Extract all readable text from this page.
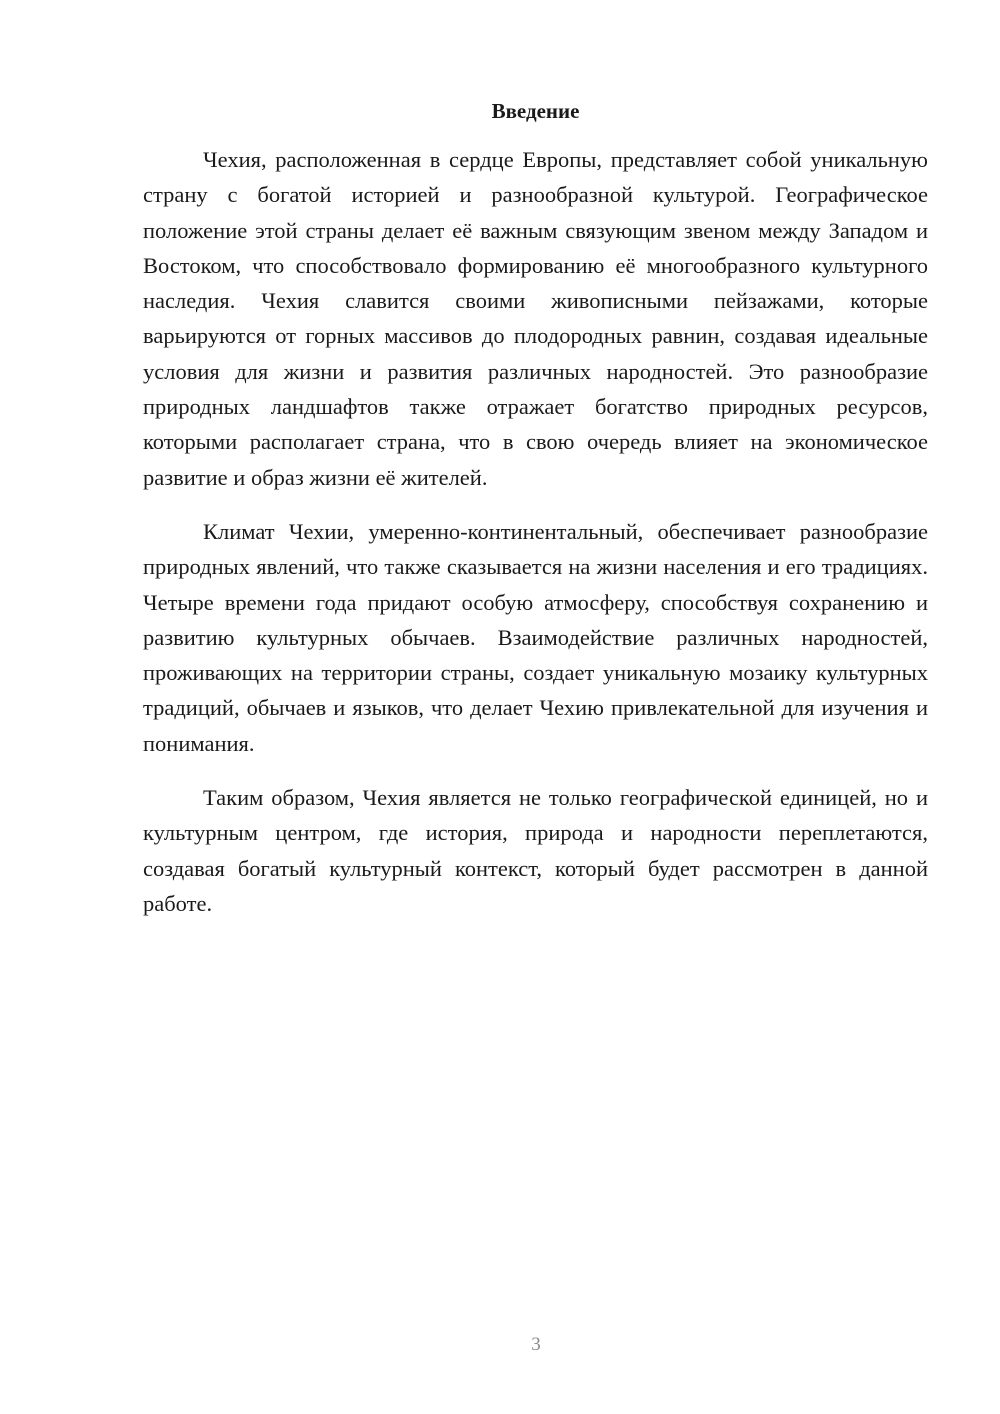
Введение

Чехия, расположенная в сердце Европы, представляет собой уникальную страну с богатой историей и разнообразной культурой. Географическое положение этой страны делает её важным связующим звеном между Западом и Востоком, что способствовало формированию её многообразного культурного наследия. Чехия славится своими живописными пейзажами, которые варьируются от горных массивов до плодородных равнин, создавая идеальные условия для жизни и развития различных народностей. Это разнообразие природных ландшафтов также отражает богатство природных ресурсов, которыми располагает страна, что в свою очередь влияет на экономическое развитие и образ жизни её жителей.

Климат Чехии, умеренно-континентальный, обеспечивает разнообразие природных явлений, что также сказывается на жизни населения и его традициях. Четыре времени года придают особую атмосферу, способствуя сохранению и развитию культурных обычаев. Взаимодействие различных народностей, проживающих на территории страны, создает уникальную мозаику культурных традиций, обычаев и языков, что делает Чехию привлекательной для изучения и понимания.

Таким образом, Чехия является не только географической единицей, но и культурным центром, где история, природа и народности переплетаются, создавая богатый культурный контекст, который будет рассмотрен в данной работе.

3
